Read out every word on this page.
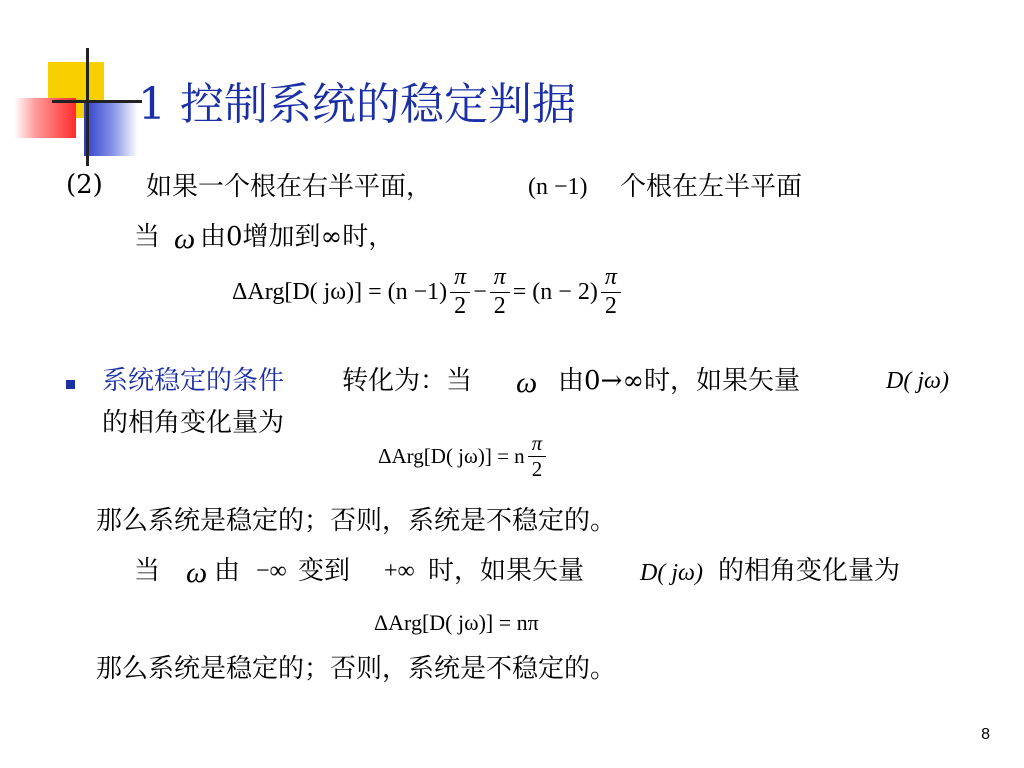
1 控制系统的稳定判据
(2) 如果一个根在右半平面，	(n −1) 个根在左半平面
当 ω 由0增加到∞时，
ΔArg[D( $j\omega)] = (n -1) \frac{\pi}{2} - \frac{\pi}{2} = (n - 2) \frac{\pi}{2}$
系统稳定的条件 转化为：当 ω 由0→∞时，如果矢量	D( jω)
的相角变化量为
ΔArg[D( jω)] = n $\frac{\pi}{2}$
那么系统是稳定的；否则，系统是不稳定的。
当 ω 由 −∞ 变到 +∞ 时，如果矢量 D( jω) 的相角变化量为
ΔArg[D( jω)] = nπ
那么系统是稳定的；否则，系统是不稳定的。
8
